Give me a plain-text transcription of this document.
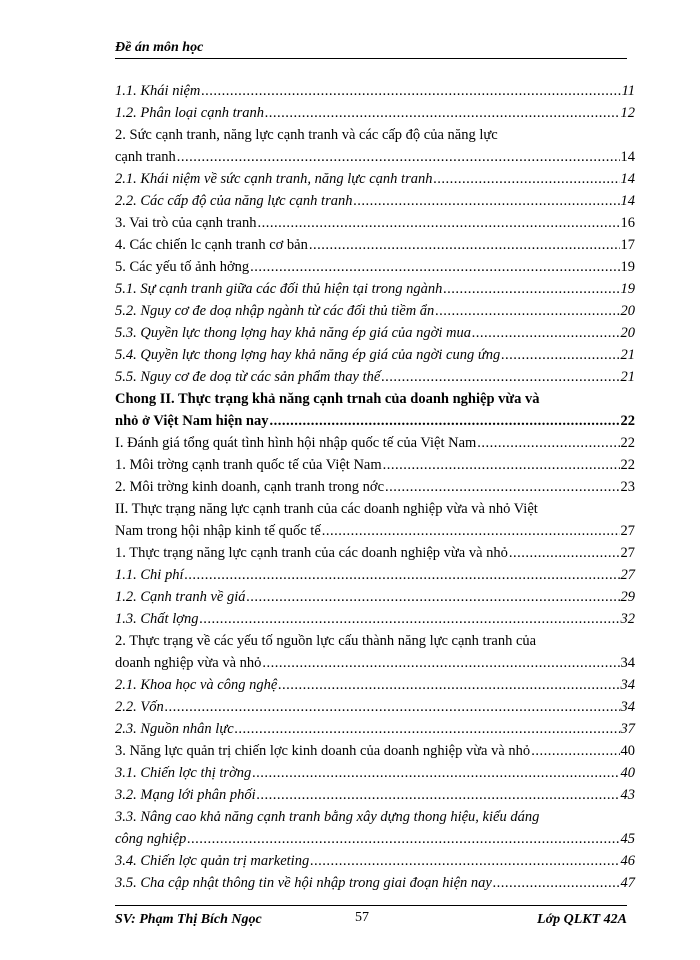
Đề án môn học
1.1. Khái niệm .....	11
1.2. Phân loại cạnh tranh .....	12
2. Sức cạnh tranh, năng lực cạnh tranh và các cấp độ của năng lực
cạnh tranh .....	14
2.1. Khái niệm về sức cạnh tranh, năng lực cạnh tranh .....	14
2.2. Các cấp độ của năng lực cạnh tranh .....	14
3. Vai trò của cạnh tranh .....	16
4. Các chiến lc cạnh tranh cơ bản .....	17
5. Các yếu tố ảnh hởng .....	19
5.1. Sự cạnh tranh giữa các đối thủ hiện tại trong ngành .....	19
5.2. Nguy cơ đe doạ nhập ngành từ các đối thủ tiềm ẩn .....	20
5.3. Quyền lực thong lợng hay khả năng ép giá của ngời mua .....	20
5.4. Quyền lực thong lợng hay khả năng ép giá của ngời cung ứng .....	21
5.5. Nguy cơ đe doạ từ các sản phẩm thay thế .....	21
Chong II. Thực trạng khả năng cạnh trnah của doanh nghiệp vừa và
nhỏ ở Việt Nam hiện nay .....	22
I. Đánh giá tổng quát tình hình hội nhập quốc tế của Việt Nam .....	22
1. Môi trờng cạnh tranh quốc tế của Việt Nam .....	22
2. Môi trờng kinh doanh, cạnh tranh trong nớc .....	23
II. Thực trạng năng lực cạnh tranh của các doanh nghiệp vừa và nhỏ Việt
Nam trong hội nhập kinh tế quốc tế .....	27
1. Thực trạng năng lực cạnh tranh của các doanh nghiệp vừa và nhỏ .....	27
1.1. Chi phí .....	27
1.2. Cạnh tranh về giá .....	29
1.3. Chất lợng .....	32
2. Thực trạng về các yếu tố nguồn lực cấu thành năng lực cạnh tranh của
doanh nghiệp vừa và nhỏ .....	34
2.1. Khoa học và công nghệ .....	34
2.2. Vốn .....	34
2.3. Nguồn nhân lực .....	37
3. Năng lực quản trị chiến lợc kinh doanh của doanh nghiệp vừa và nhỏ .....	40
3.1. Chiến lợc thị trờng .....	40
3.2. Mạng lới phân phối .....	43
3.3. Nâng cao khả năng cạnh tranh bằng xây dựng thong hiệu, kiểu dáng
công nghiệp .....	45
3.4. Chiến lợc quản trị marketing .....	46
3.5. Cha cập nhật thông tin về hội nhập trong giai đoạn hiện nay .....	47
SV: Phạm Thị Bích Ngọc	57	Lớp QLKT 42A
